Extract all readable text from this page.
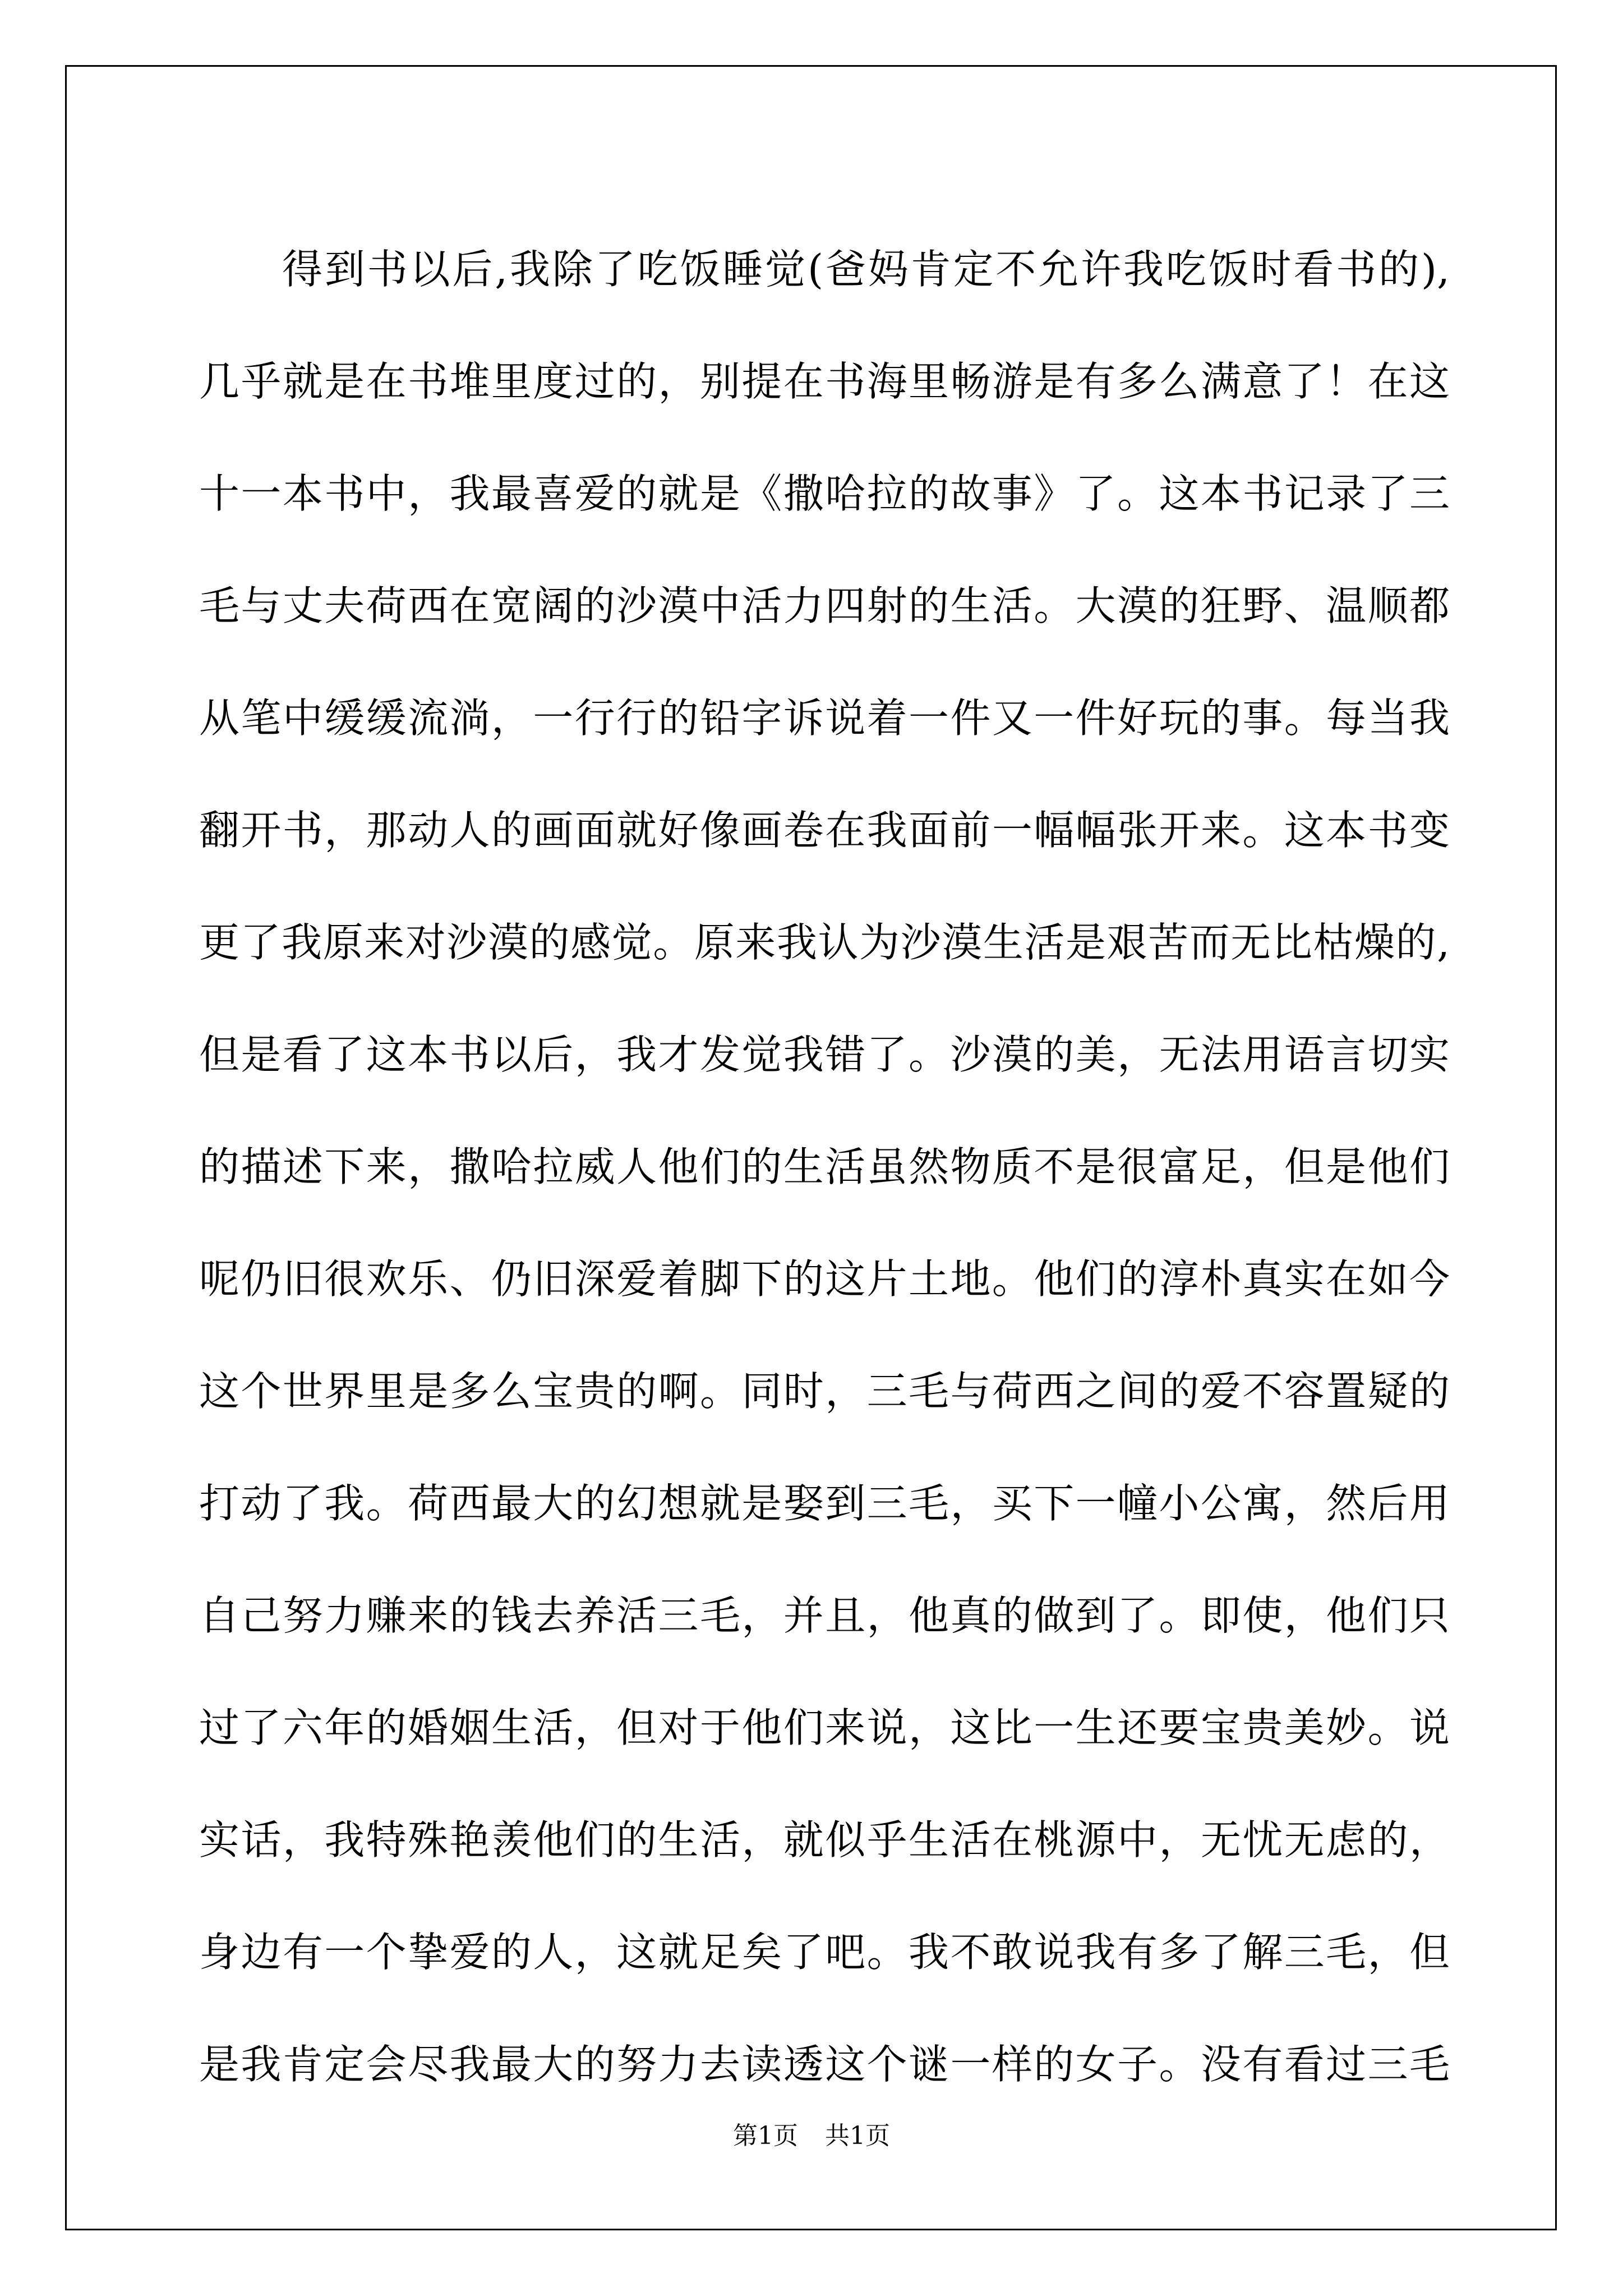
得到书以后,我除了吃饭睡觉(爸妈肯定不允许我吃饭时看书的),
几乎就是在书堆里度过的，别提在书海里畅游是有多么满意了！在这
十一本书中，我最喜爱的就是《撒哈拉的故事》了。这本书记录了三
毛与丈夫荷西在宽阔的沙漠中活力四射的生活。大漠的狂野、温顺都
从笔中缓缓流淌，一行行的铅字诉说着一件又一件好玩的事。每当我
翻开书，那动人的画面就好像画卷在我面前一幅幅张开来。这本书变
更了我原来对沙漠的感觉。原来我认为沙漠生活是艰苦而无比枯燥的,
但是看了这本书以后，我才发觉我错了。沙漠的美，无法用语言切实
的描述下来，撒哈拉威人他们的生活虽然物质不是很富足，但是他们
呢仍旧很欢乐、仍旧深爱着脚下的这片土地。他们的淳朴真实在如今
这个世界里是多么宝贵的啊。同时，三毛与荷西之间的爱不容置疑的
打动了我。荷西最大的幻想就是娶到三毛，买下一幢小公寓，然后用
自己努力赚来的钱去养活三毛，并且，他真的做到了。即使，他们只
过了六年的婚姻生活，但对于他们来说，这比一生还要宝贵美妙。说
实话，我特殊艳羡他们的生活，就似乎生活在桃源中，无忧无虑的，
身边有一个挚爱的人，这就足矣了吧。我不敢说我有多了解三毛，但
是我肯定会尽我最大的努力去读透这个谜一样的女子。没有看过三毛
第1页 共1页
